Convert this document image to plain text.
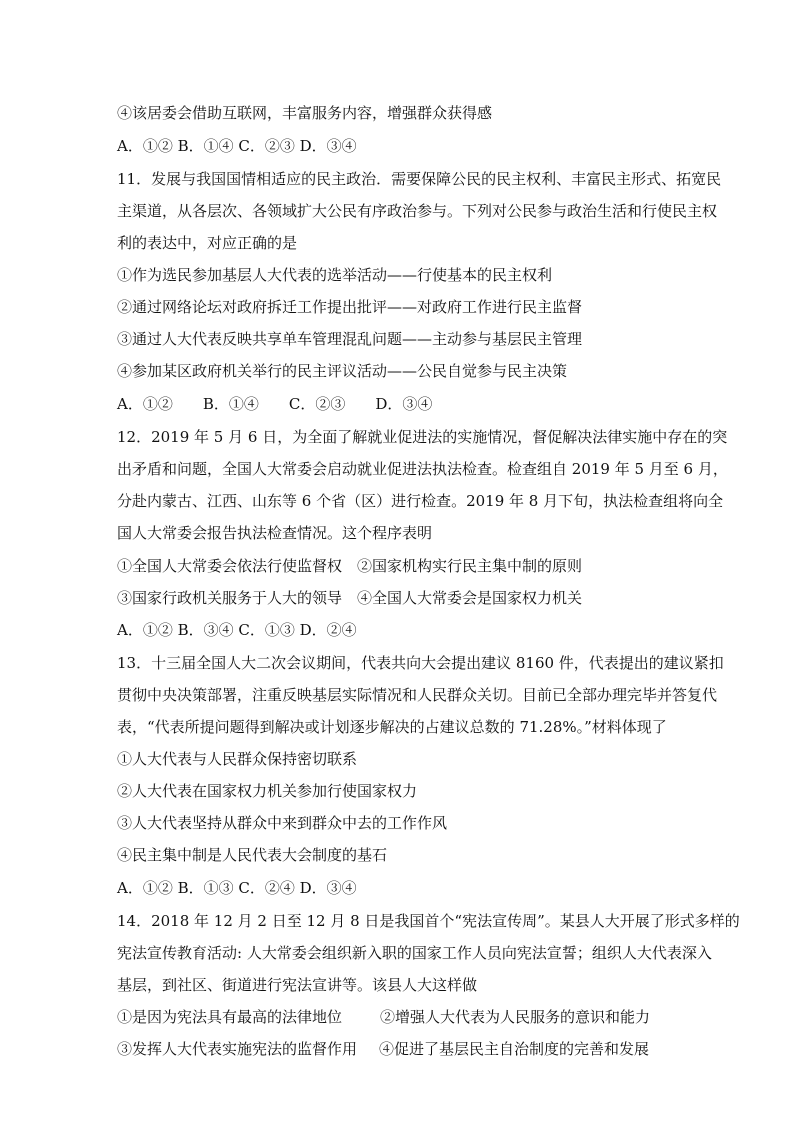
④该居委会借助互联网，丰富服务内容，增强群众获得感
A．①② B．①④ C．②③ D．③④
11．发展与我国国情相适应的民主政治．需要保障公民的民主权利、丰富民主形式、拓宽民
主渠道，从各层次、各领域扩大公民有序政治参与。下列对公民参与政治生活和行使民主权
利的表达中，对应正确的是
①作为选民参加基层人大代表的选举活动——行使基本的民主权利
②通过网络论坛对政府拆迁工作提出批评——对政府工作进行民主监督
③通过人大代表反映共享单车管理混乱问题——主动参与基层民主管理
④参加某区政府机关举行的民主评议活动——公民自觉参与民主决策
A．①②　　B．①④　　C．②③　　D．③④
12．2019 年 5 月 6 日，为全面了解就业促进法的实施情况，督促解决法律实施中存在的突
出矛盾和问题，全国人大常委会启动就业促进法执法检查。检查组自 2019 年 5 月至 6 月，
分赴内蒙古、江西、山东等 6 个省（区）进行检查。2019 年 8 月下旬，执法检查组将向全
国人大常委会报告执法检查情况。这个程序表明
①全国人大常委会依法行使监督权　②国家机构实行民主集中制的原则
③国家行政机关服务于人大的领导　④全国人大常委会是国家权力机关
A．①② B．③④ C．①③ D．②④
13．十三届全国人大二次会议期间，代表共向大会提出建议 8160 件，代表提出的建议紧扣
贯彻中央决策部署，注重反映基层实际情况和人民群众关切。目前已全部办理完毕并答复代
表，“代表所提问题得到解决或计划逐步解决的占建议总数的 71.28%。”材料体现了
①人大代表与人民群众保持密切联系
②人大代表在国家权力机关参加行使国家权力
③人大代表坚持从群众中来到群众中去的工作作风
④民主集中制是人民代表大会制度的基石
A．①② B．①③ C．②④ D．③④
14．2018 年 12 月 2 日至 12 月 8 日是我国首个“宪法宣传周”。某县人大开展了形式多样的
宪法宣传教育活动: 人大常委会组织新入职的国家工作人员向宪法宣誓；组织人大代表深入
基层，到社区、街道进行宪法宣讲等。该县人大这样做
①是因为宪法具有最高的法律地位	②增强人大代表为人民服务的意识和能力
③发挥人大代表实施宪法的监督作用 ④促进了基层民主自治制度的完善和发展
